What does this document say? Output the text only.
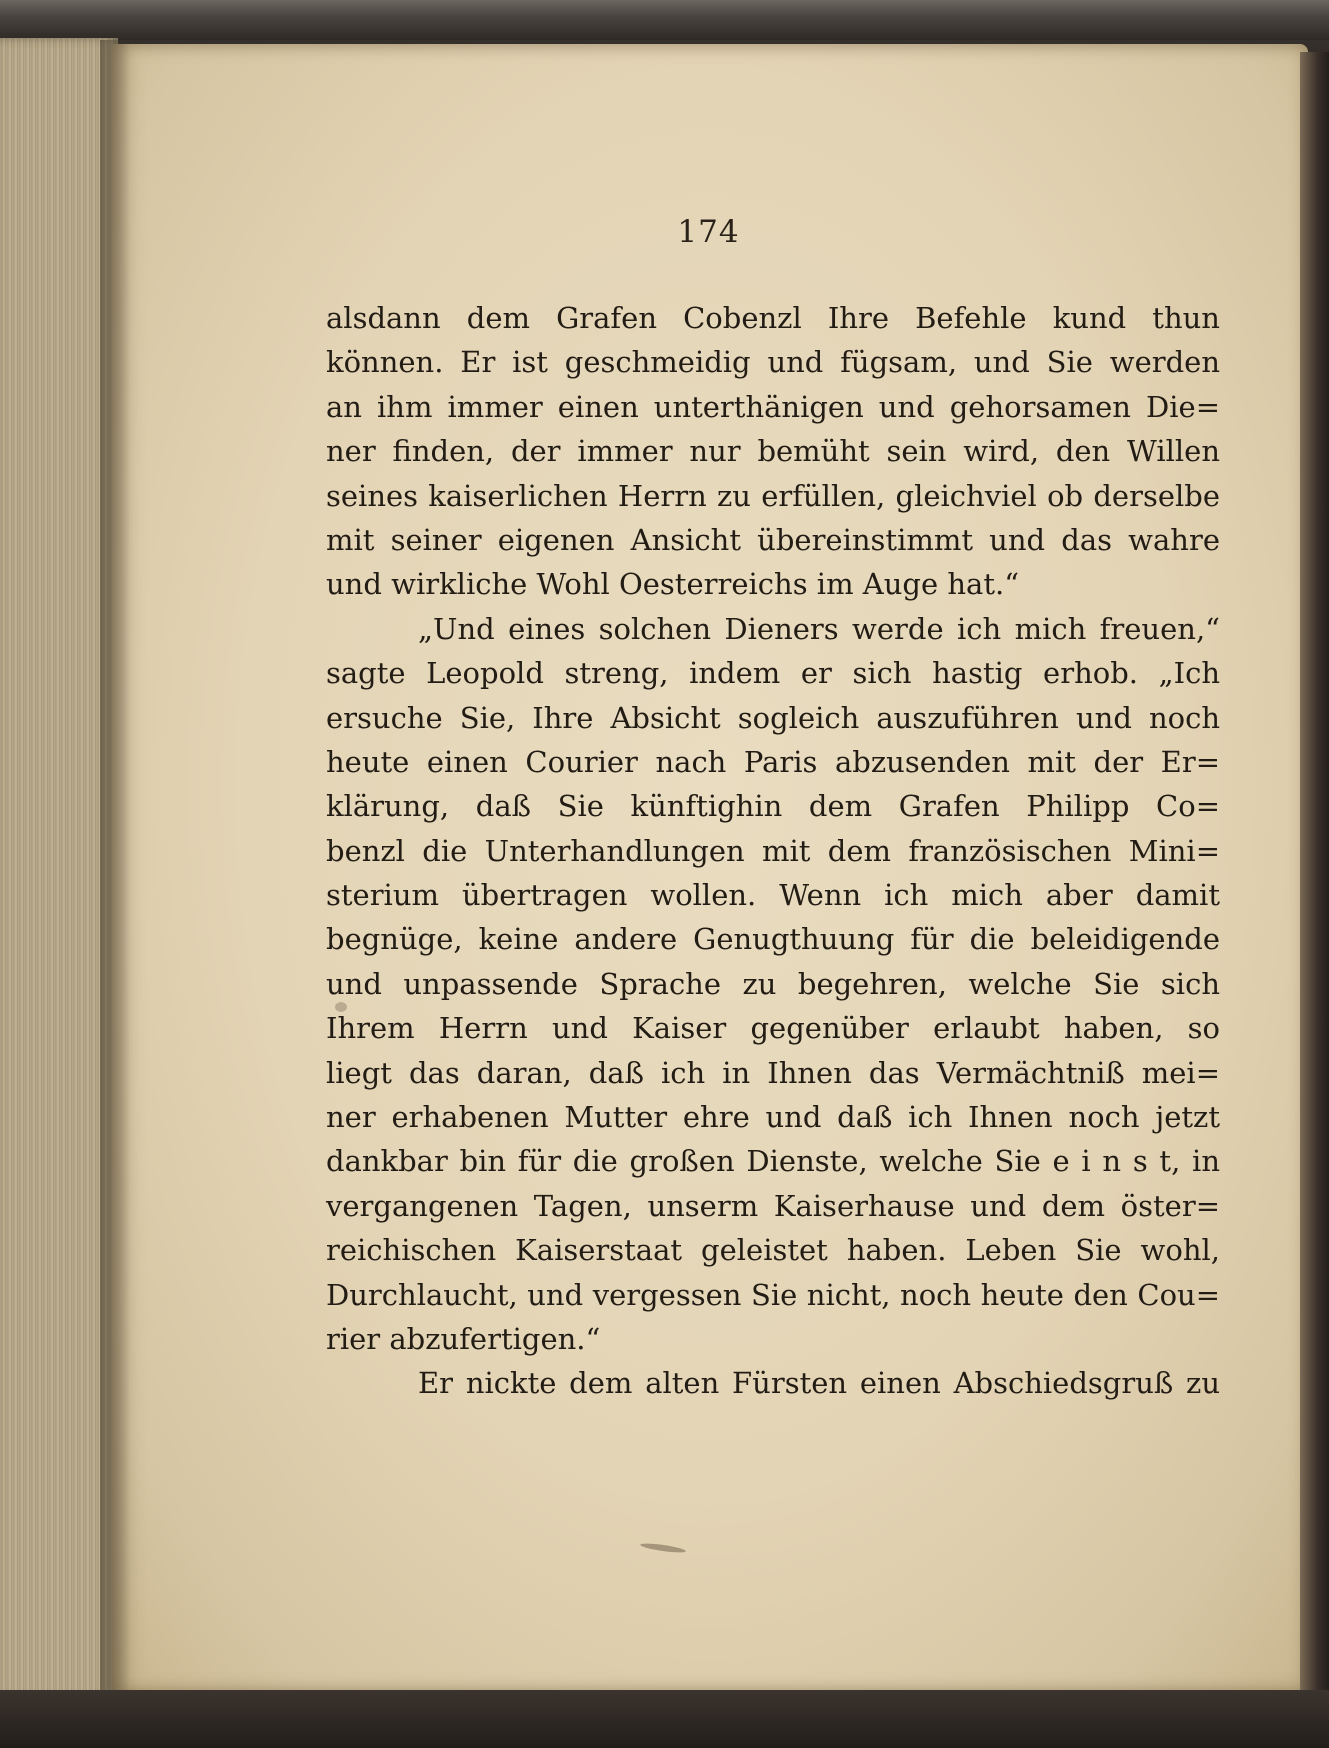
174
alsdann dem Grafen Cobenzl Ihre Befehle kund thun
können. Er ist geschmeidig und fügsam, und Sie werden
an ihm immer einen unterthänigen und gehorsamen Die=
ner finden, der immer nur bemüht sein wird, den Willen
seines kaiserlichen Herrn zu erfüllen, gleichviel ob derselbe
mit seiner eigenen Ansicht übereinstimmt und das wahre
und wirkliche Wohl Oesterreichs im Auge hat.“
„Und eines solchen Dieners werde ich mich freuen,“
sagte Leopold streng, indem er sich hastig erhob. „Ich
ersuche Sie, Ihre Absicht sogleich auszuführen und noch
heute einen Courier nach Paris abzusenden mit der Er=
klärung, daß Sie künftighin dem Grafen Philipp Co=
benzl die Unterhandlungen mit dem französischen Mini=
sterium übertragen wollen. Wenn ich mich aber damit
begnüge, keine andere Genugthuung für die beleidigende
und unpassende Sprache zu begehren, welche Sie sich
Ihrem Herrn und Kaiser gegenüber erlaubt haben, so
liegt das daran, daß ich in Ihnen das Vermächtniß mei=
ner erhabenen Mutter ehre und daß ich Ihnen noch jetzt
dankbar bin für die großen Dienste, welche Sie e i n s t, in
vergangenen Tagen, unserm Kaiserhause und dem öster=
reichischen Kaiserstaat geleistet haben. Leben Sie wohl,
Durchlaucht, und vergessen Sie nicht, noch heute den Cou=
rier abzufertigen.“
Er nickte dem alten Fürsten einen Abschiedsgruß zu
